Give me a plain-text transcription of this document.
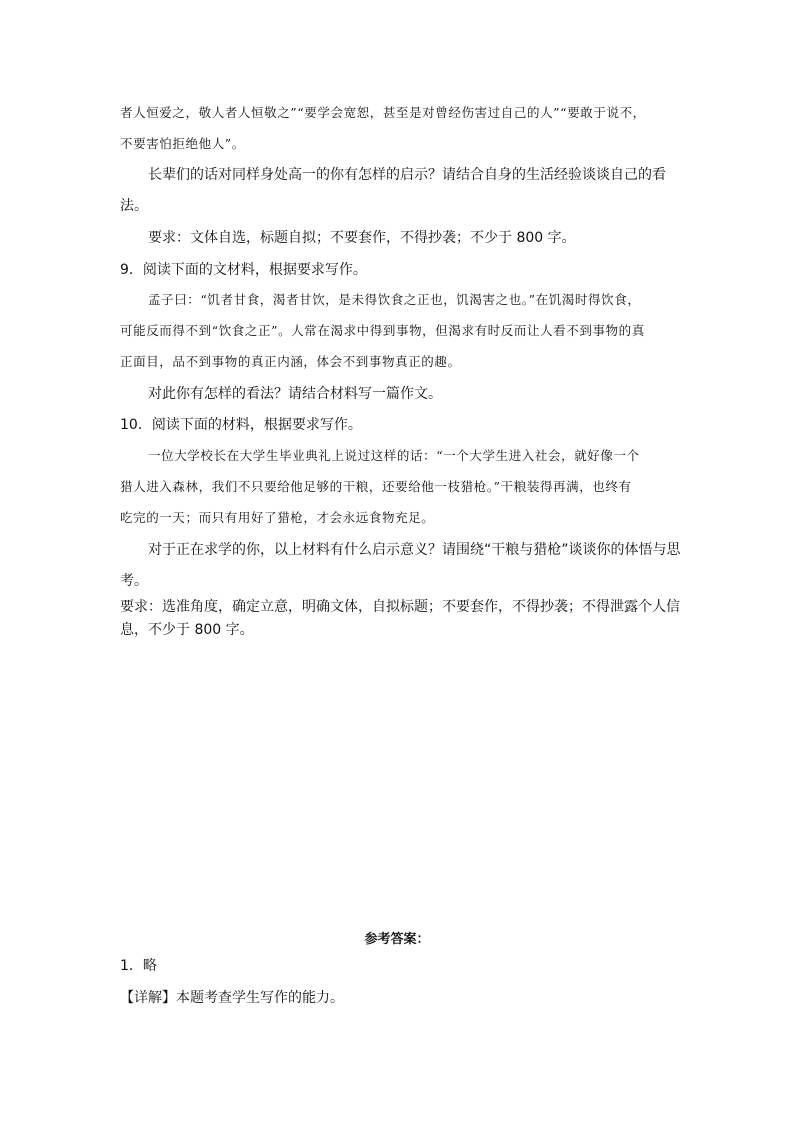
者人恒爱之，敬人者人恒敬之”“要学会宽恕，甚至是对曾经伤害过自己的人”“要敢于说不，
不要害怕拒绝他人”。
长辈们的话对同样身处高一的你有怎样的启示？请结合自身的生活经验谈谈自己的看
法。
要求：文体自选，标题自拟；不要套作，不得抄袭；不少于 800 字。
9．阅读下面的文材料，根据要求写作。
孟子曰：“饥者甘食，渴者甘饮，是未得饮食之正也，饥渴害之也。”在饥渴时得饮食，
可能反而得不到“饮食之正”。人常在渴求中得到事物，但渴求有时反而让人看不到事物的真
正面目，品不到事物的真正内涵，体会不到事物真正的趣。
对此你有怎样的看法？请结合材料写一篇作文。
10．阅读下面的材料，根据要求写作。
一位大学校长在大学生毕业典礼上说过这样的话：“一个大学生进入社会，就好像一个
猎人进入森林，我们不只要给他足够的干粮，还要给他一枝猎枪。”干粮装得再满，也终有
吃完的一天；而只有用好了猎枪，才会永远食物充足。
对于正在求学的你，以上材料有什么启示意义？请围绕“干粮与猎枪”谈谈你的体悟与思
考。
要求：选准角度，确定立意，明确文体，自拟标题；不要套作，不得抄袭；不得泄露个人信
息，不少于 800 字。
参考答案：
1．略
【详解】本题考查学生写作的能力。
